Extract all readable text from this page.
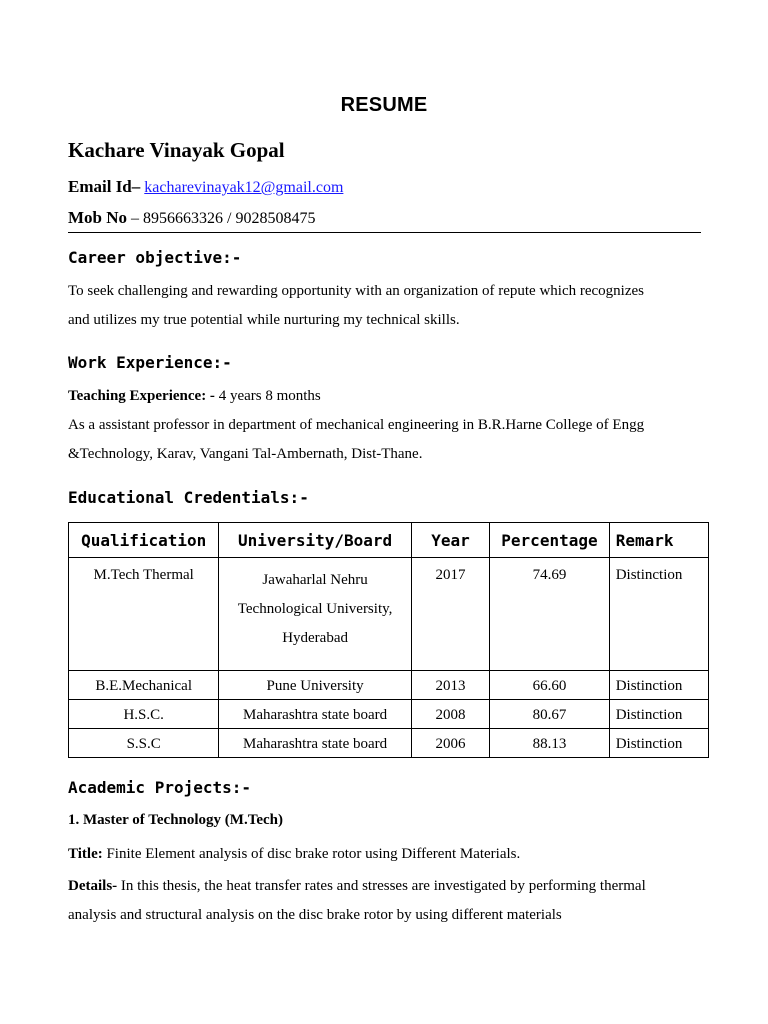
RESUME
Kachare Vinayak Gopal
Email Id– kacharevinayak12@gmail.com
Mob No – 8956663326 / 9028508475
Career objective:-
To seek challenging and rewarding opportunity with an organization of repute which recognizes
and utilizes my true potential while nurturing my technical skills.
Work Experience:-
Teaching Experience: - 4 years 8 months
As a assistant professor in department of mechanical engineering in B.R.Harne College of Engg
&Technology, Karav, Vangani Tal-Ambernath, Dist-Thane.
Educational Credentials:-
Qualification	University/Board	Year	Percentage	Remark
M.Tech Thermal	Jawaharlal Nehru
Technological University,
Hyderabad	2017	74.69	Distinction
B.E.Mechanical	Pune University	2013	66.60	Distinction
H.S.C.	Maharashtra state board	2008	80.67	Distinction
S.S.C	Maharashtra state board	2006	88.13	Distinction
Academic Projects:-
1. Master of Technology (M.Tech)
Title: Finite Element analysis of disc brake rotor using Different Materials.
Details- In this thesis, the heat transfer rates and stresses are investigated by performing thermal
analysis and structural analysis on the disc brake rotor by using different materials
